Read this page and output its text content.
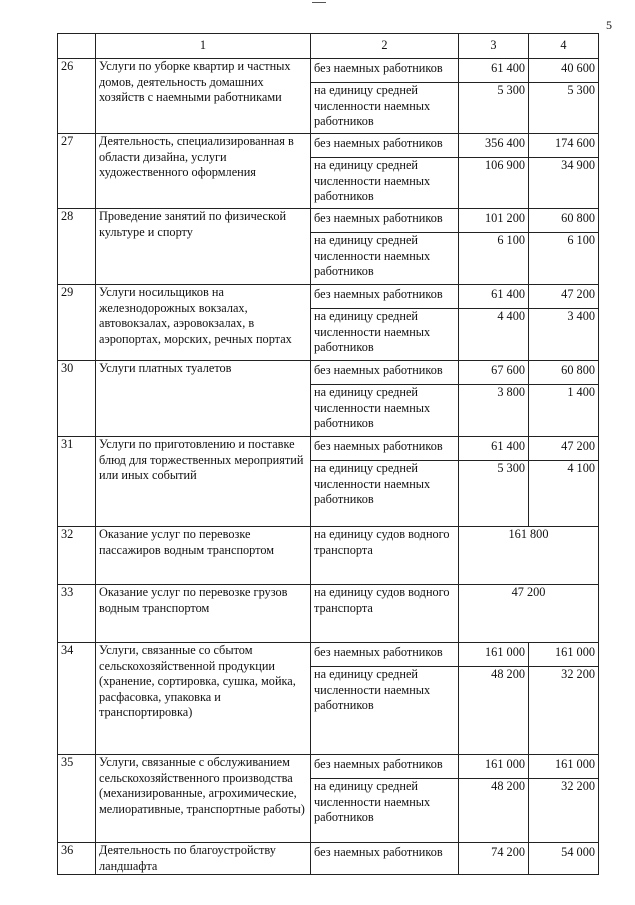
5
	1	2	3	4
26	Услуги по уборке квартир и частных домов, деятельность домашних хозяйств с наемными работниками	без наемных работников	61 400	40 600
		на единицу средней численности наемных работников	5 300	5 300
27	Деятельность, специализированная в области дизайна, услуги художественного оформления	без наемных работников	356 400	174 600
		на единицу средней численности наемных работников	106 900	34 900
28	Проведение занятий по физической культуре и спорту	без наемных работников	101 200	60 800
		на единицу средней численности наемных работников	6 100	6 100
29	Услуги носильщиков на железнодорожных вокзалах, автовокзалах, аэровокзалах, в аэропортах, морских, речных портах	без наемных работников	61 400	47 200
		на единицу средней численности наемных работников	4 400	3 400
30	Услуги платных туалетов	без наемных работников	67 600	60 800
		на единицу средней численности наемных работников	3 800	1 400
31	Услуги по приготовлению и поставке блюд для торжественных мероприятий или иных событий	без наемных работников	61 400	47 200
		на единицу средней численности наемных работников	5 300	4 100
32	Оказание услуг по перевозке пассажиров водным транспортом	на единицу судов водного транспорта	161 800	
33	Оказание услуг по перевозке грузов водным транспортом	на единицу судов водного транспорта	47 200	
34	Услуги, связанные со сбытом сельскохозяйственной продукции (хранение, сортировка, сушка, мойка, расфасовка, упаковка и транспортировка)	без наемных работников	161 000	161 000
		на единицу средней численности наемных работников	48 200	32 200
35	Услуги, связанные с обслуживанием сельскохозяйственного производства (механизированные, агрохимические, мелиоративные, транспортные работы)	без наемных работников	161 000	161 000
		на единицу средней численности наемных работников	48 200	32 200
36	Деятельность по благоустройству ландшафта	без наемных работников	74 200	54 000
